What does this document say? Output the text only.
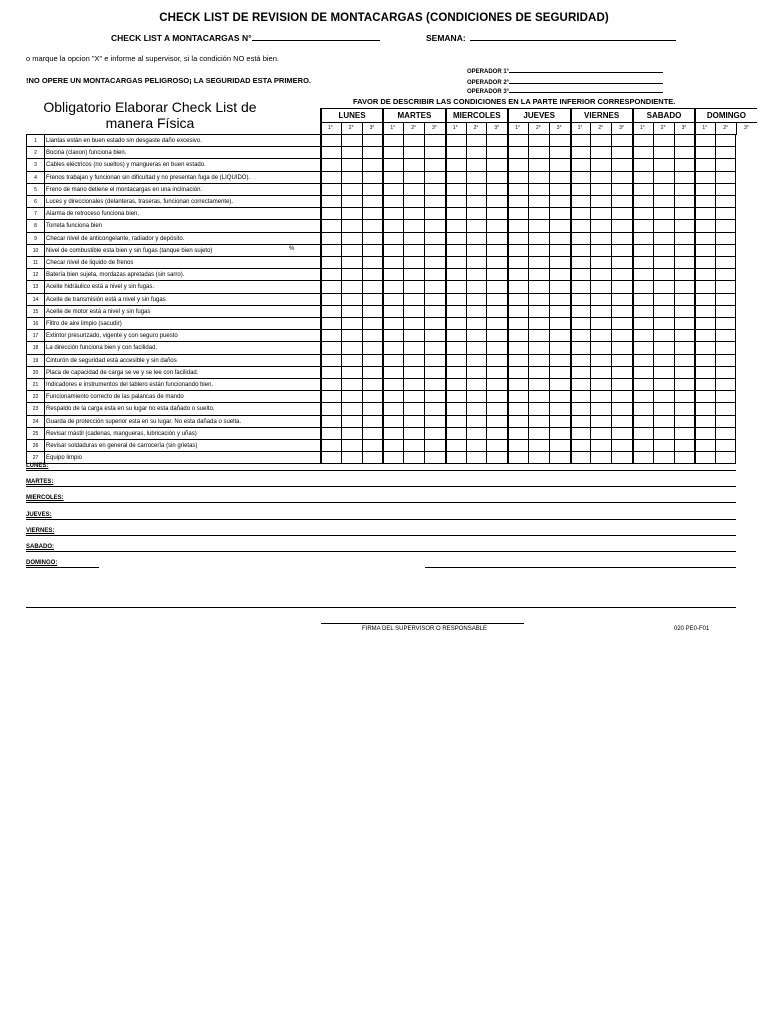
CHECK LIST DE REVISION DE MONTACARGAS (CONDICIONES DE SEGURIDAD)
CHECK LIST A MONTACARGAS N°	SEMANA:
o marque la opcion "X" e informe al supervisor, si la condición NO está bien.
OPERADOR 1°
OPERADOR 2°
OPERADOR 3°
!NO OPERE UN MONTACARGAS PELIGROSO¡ LA SEGURIDAD ESTA PRIMERO.
FAVOR DE DESCRIBIR LAS CONDICIONES EN LA PARTE INFERIOR CORRESPONDIENTE.
Obligatorio Elaborar Check List de manera Física	LUNES
1°	2°	3°
MARTES
1°	2°	3°
MIERCOLES
1°	2°	3°
JUEVES
1°	2°	3°
VIERNES
1°	2°	3°
SABADO
1°	2°	3°
DOMINGO
1°	2°	3°
1	Llantas están en buen estado sin desgaste daño excesivo.
2	Bocina (claxon) funciona bien.
3	Cables eléctricos (no sueltos) y mangueras en buen estado.
4	Frenos trabajan y funcionan sin dificultad y no presentan fuga de (LIQUIDO).
5	Freno de mano detiene el montacargas en una inclinación.
6	Luces y direccionales (delanteras, traseras, funcionan correctamente).
7	Alarma de retroceso funciona bien.
8	Torreta funciona bien
9	Checar nivel de anticongelante, radiador y depósito.
10	Nivel de combustible esta bien y sin fugas (tanque bien sujeto)
11	Checar nivel de liquido de frenos
12	Batería bien sujeta, mordazas apretadas (sin sarro).
13	Aceite hidráulico está a nivel y sin fugas.
14	Aceite de transmisión está a nivel y sin fugas
15	Aceite de motor está a nivel y sin fugas
16	Filtro de aire limpio (sacudir)
17	Extintor presurizado, vigente y con seguro puesto
18	La dirección funciona bien y con facilidad.
19	Cinturón de seguridad está accesible y sin daños
20	Placa de capacidad de carga se ve y se lee con facilidad.
21	Indicadores e instrumentos del tablero están funcionando bien.
22	Funcionamiento correcto de las palancas de mando
23	Respaldo de la carga esta en su lugar no esta dañado o suelto.
24	Guarda de protección superior esta en su lugar. No esta dañada o suelta.
25	Revisar mástil (cadenas, mangueras, lubricación y uñas)
26	Revisar soldaduras en general de carrocería (sin grietas)
27	Equipo limpio
%
LUNES:
MARTES:
MIERCOLES:
JUEVES:
VIERNES:
SABADO:
DOMINGO:
FIRMA DEL SUPERVISOR O RESPONSABLE	020 PE0-F01
